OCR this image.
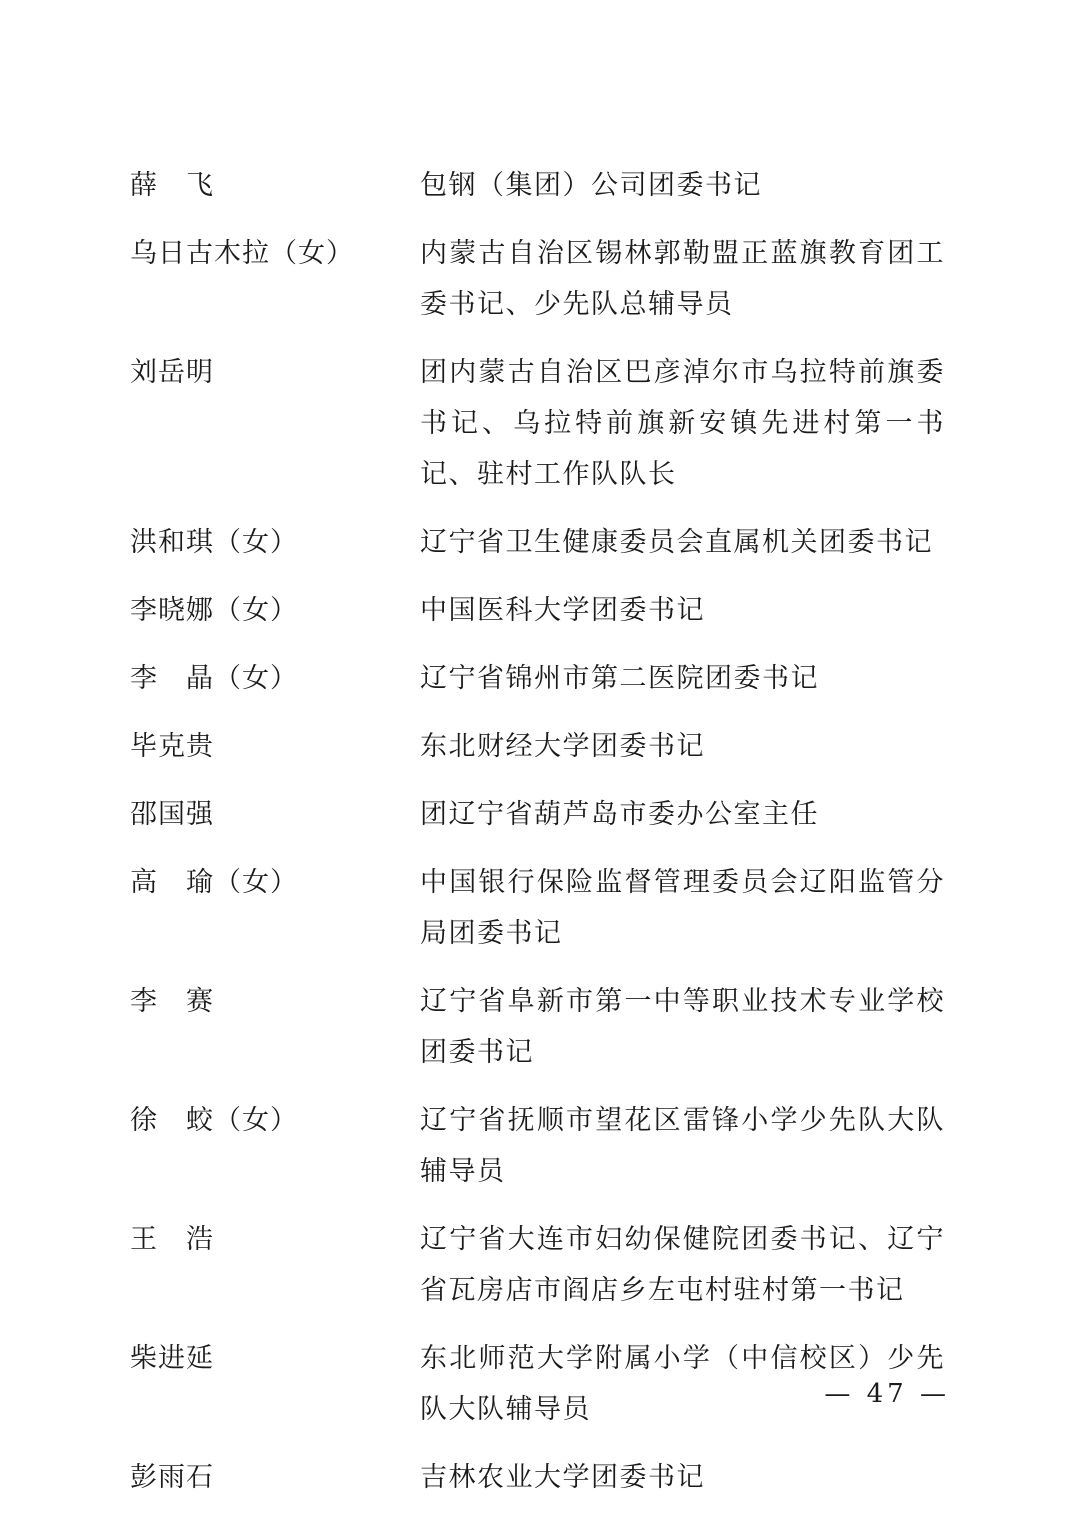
薛　飞	包钢（集团）公司团委书记
乌日古木拉（女）	内蒙古自治区锡林郭勒盟正蓝旗教育团工委书记、少先队总辅导员
刘岳明	团内蒙古自治区巴彦淖尔市乌拉特前旗委书记、乌拉特前旗新安镇先进村第一书记、驻村工作队队长
洪和琪（女）	辽宁省卫生健康委员会直属机关团委书记
李晓娜（女）	中国医科大学团委书记
李　晶（女）	辽宁省锦州市第二医院团委书记
毕克贵	东北财经大学团委书记
邵国强	团辽宁省葫芦岛市委办公室主任
高　瑜（女）	中国银行保险监督管理委员会辽阳监管分局团委书记
李　赛	辽宁省阜新市第一中等职业技术专业学校团委书记
徐　蛟（女）	辽宁省抚顺市望花区雷锋小学少先队大队辅导员
王　浩	辽宁省大连市妇幼保健院团委书记、辽宁省瓦房店市阎店乡左屯村驻村第一书记
柴进延	东北师范大学附属小学（中信校区）少先队大队辅导员
彭雨石	吉林农业大学团委书记
— 47 —
